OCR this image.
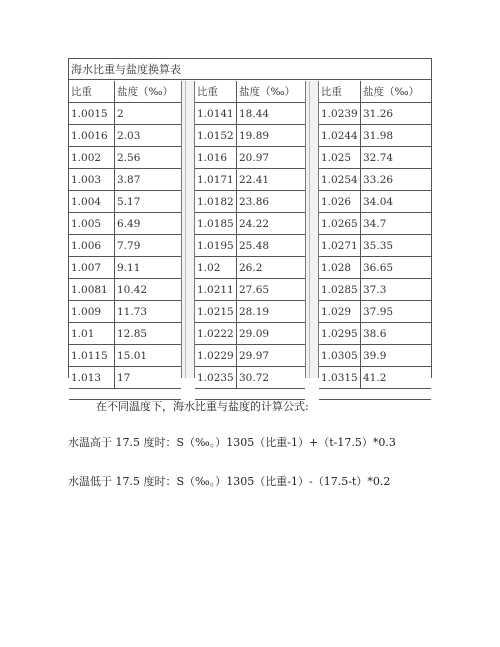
海水比重与盐度换算表
比重	盐度（‰）
1.0015 2
1.0016 2.03
1.002	2.56
1.003	3.87
1.004	5.17
1.005	6.49
1.006	7.79
1.007	9.11
1.0081 10.42
1.009	11.73
1.01	12.85
1.0115 15.01
1.013	17
比重	盐度（‰）
1.0141 18.44
1.0152 19.89
1.016	20.97
1.0171 22.41
1.0182 23.86
1.0185 24.22
1.0195 25.48
1.02	26.2
1.0211 27.65
1.0215 28.19
1.0222 29.09
1.0229 29.97
1.0235 30.72
比重	盐度（‰）
1.0239 31.26
1.0244 31.98
1.025	32.74
1.0254 33.26
1.026	34.04
1.0265 34.7
1.0271 35.35
1.028	36.65
1.0285 37.3
1.029	37.95
1.0295 38.6
1.0305 39.9
1.0315 41.2
在不同温度下，海水比重与盐度的计算公式:
水温高于 17.5 度时：S（‰。）1305（比重-1）+（t-17.5）*0.3
水温低于 17.5 度时：S（‰。）1305（比重-1）-（17.5-t）*0.2
